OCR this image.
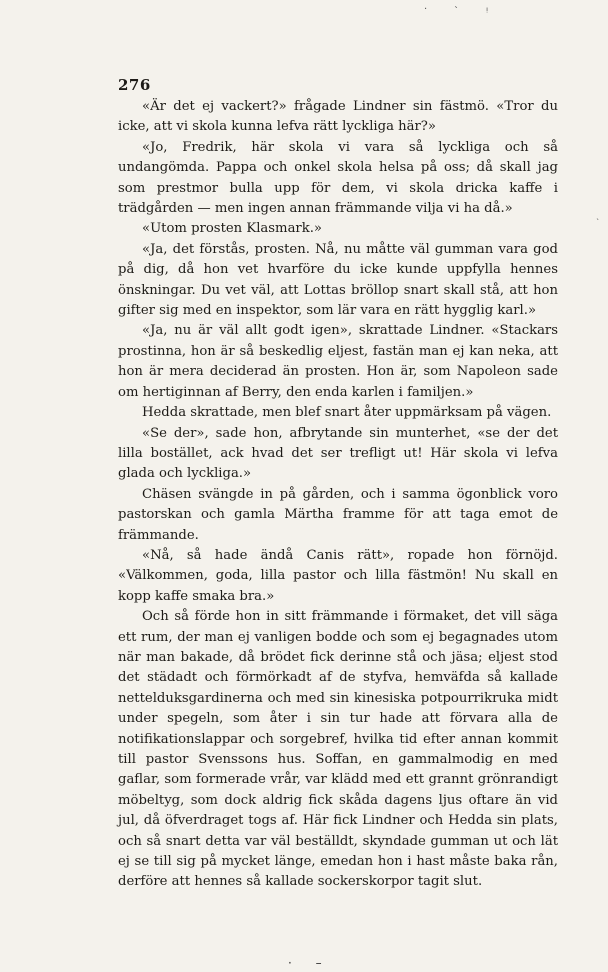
·	ˋ ᵎ
ˋ
276

«Är det ej vackert?» frågade Lindner sin fästmö. «Tror du icke, att vi skola kunna lefva rätt lyckliga här?»

«Jo, Fredrik, här skola vi vara så lyckliga och så undangömda. Pappa och onkel skola helsa på oss; då skall jag som prestmor bulla upp för dem, vi skola dricka kaffe i trädgården — men ingen annan främmande vilja vi ha då.»

«Utom prosten Klasmark.»

«Ja, det förstås, prosten. Nå, nu måtte väl gumman vara god på dig, då hon vet hvarföre du icke kunde uppfylla hennes önskningar. Du vet väl, att Lottas bröllop snart skall stå, att hon gifter sig med en inspektor, som lär vara en rätt hygglig karl.»

«Ja, nu är väl allt godt igen», skrattade Lindner. «Stackars prostinna, hon är så beskedlig eljest, fastän man ej kan neka, att hon är mera deciderad än prosten. Hon är, som Napoleon sade om hertiginnan af Berry, den enda karlen i familjen.»

Hedda skrattade, men blef snart åter uppmärksam på vägen.

«Se der», sade hon, afbrytande sin munterhet, «se der det lilla bostället, ack hvad det ser trefligt ut! Här skola vi lefva glada och lyckliga.»

Chäsen svängde in på gården, och i samma ögonblick voro pastorskan och gamla Märtha framme för att taga emot de främmande.

«Nå, så hade ändå Canis rätt», ropade hon förnöjd. «Välkommen, goda, lilla pastor och lilla fästmön! Nu skall en kopp kaffe smaka bra.»

Och så förde hon in sitt främmande i förmaket, det vill säga ett rum, der man ej vanligen bodde och som ej begagnades utom när man bakade, då brödet fick derinne stå och jäsa; eljest stod det städadt och förmörkadt af de styfva, hemväfda så kallade nettelduksgardinerna och med sin kinesiska potpourrikruka midt under spegeln, som åter i sin tur hade att förvara alla de notifikationslappar och sorgebref, hvilka tid efter annan kommit till pastor Svenssons hus. Soffan, en gammalmodig en med gaflar, som formerade vrår, var klädd med ett grannt grönrandigt möbeltyg, som dock aldrig fick skåda dagens ljus oftare än vid jul, då öfverdraget togs af. Här fick Lindner och Hedda sin plats, och så snart detta var väl beställdt, skyndade gumman ut och lät ej se till sig på mycket länge, emedan hon i hast måste baka rån, derföre att hennes så kallade sockerskorpor tagit slut.

· –
